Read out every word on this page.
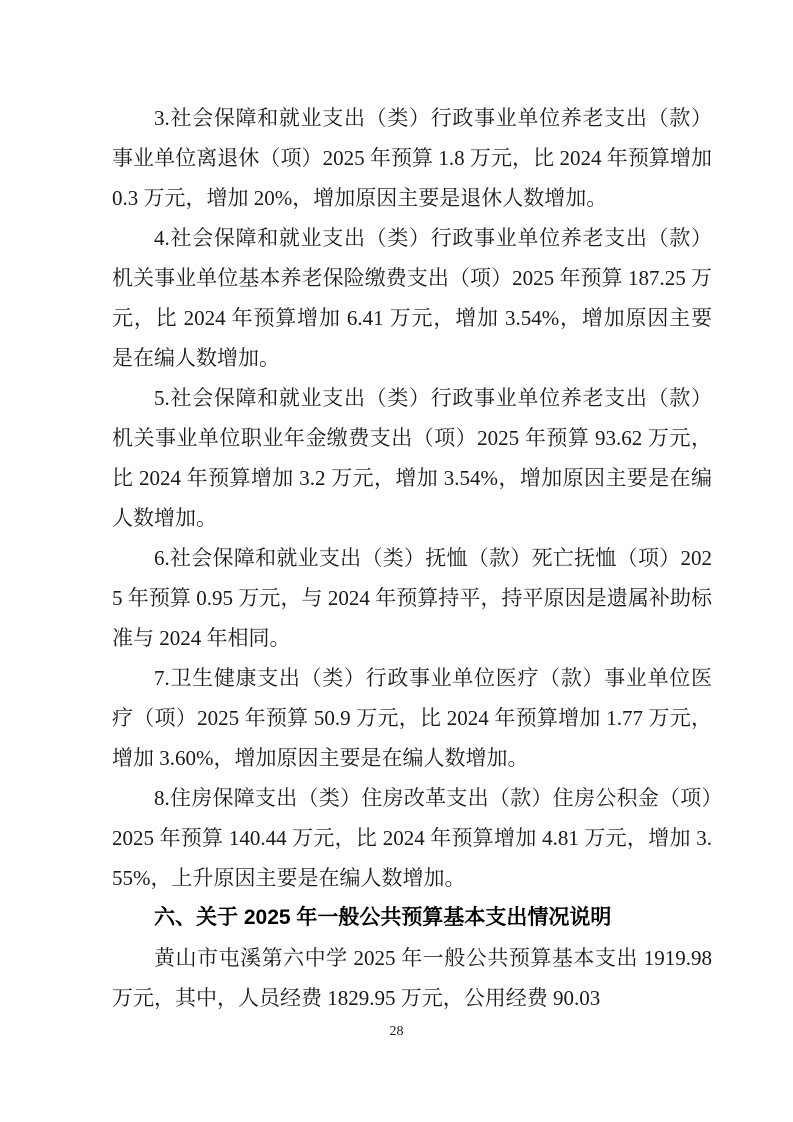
3.社会保障和就业支出（类）行政事业单位养老支出（款）事业单位离退休（项）2025 年预算 1.8 万元，比 2024 年预算增加 0.3 万元，增加 20%，增加原因主要是退休人数增加。

4.社会保障和就业支出（类）行政事业单位养老支出（款）机关事业单位基本养老保险缴费支出（项）2025 年预算 187.25 万元，比 2024 年预算增加 6.41 万元，增加 3.54%，增加原因主要是在编人数增加。

5.社会保障和就业支出（类）行政事业单位养老支出（款）机关事业单位职业年金缴费支出（项）2025 年预算 93.62 万元，比 2024 年预算增加 3.2 万元，增加 3.54%，增加原因主要是在编人数增加。

6.社会保障和就业支出（类）抚恤（款）死亡抚恤（项）2025 年预算 0.95 万元，与 2024 年预算持平，持平原因是遗属补助标准与 2024 年相同。

7.卫生健康支出（类）行政事业单位医疗（款）事业单位医疗（项）2025 年预算 50.9 万元，比 2024 年预算增加 1.77 万元，增加 3.60%，增加原因主要是在编人数增加。

8.住房保障支出（类）住房改革支出（款）住房公积金（项）2025 年预算 140.44 万元，比 2024 年预算增加 4.81 万元，增加 3.55%，上升原因主要是在编人数增加。

六、关于 2025 年一般公共预算基本支出情况说明

黄山市屯溪第六中学 2025 年一般公共预算基本支出 1919.98 万元，其中，人员经费 1829.95 万元，公用经费 90.03

28
